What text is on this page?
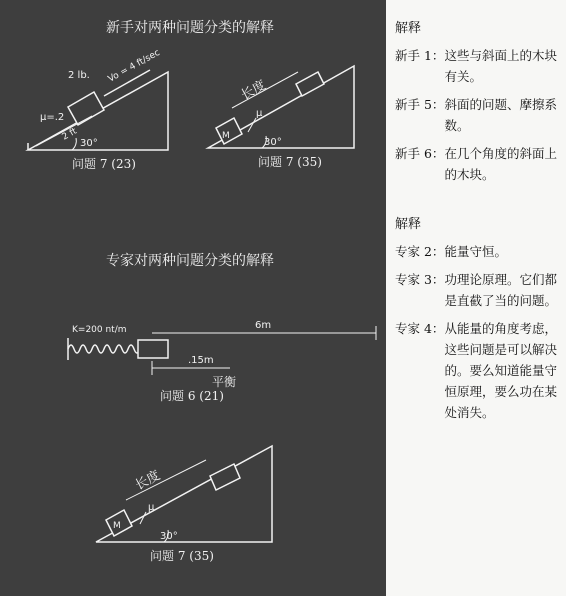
新手对两种问题分类的解释
专家对两种问题分类的解释
2 lb. Vo = 4 ft/sec
μ=.2
2 ft
30°
问题 7 (23)
长度
μ
M
30°
问题 7 (35)
K=200 nt/m	6m
.15m
平衡
问题 6 (21)
长度
μ
M
30°
问题 7 (35)
解释
新手 1： 这些与斜面上的木块有关。
新手 5： 斜面的问题、摩擦系数。
新手 6： 在几个角度的斜面上的木块。
解释
专家 2： 能量守恒。
专家 3： 功理论原理。它们都是直截了当的问题。
专家 4： 从能量的角度考虑，这些问题是可以解决的。要么知道能量守恒原理，要么功在某处消失。
